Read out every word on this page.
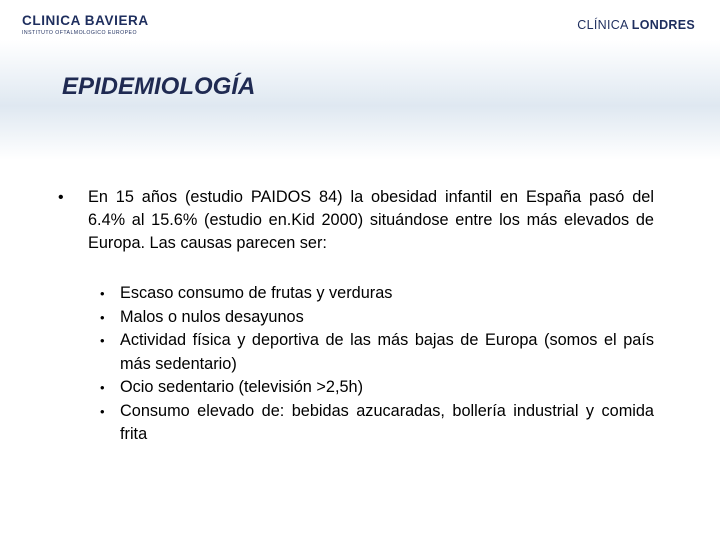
CLINICA BAVIERA
INSTITUTO OFTALMOLOGICO EUROPEO
CLÍNICA LONDRES
EPIDEMIOLOGÍA
• En 15 años (estudio PAIDOS 84) la obesidad infantil en España pasó del 6.4% al 15.6% (estudio en.Kid 2000) situándose entre los más elevados de Europa. Las causas parecen ser:
• Escaso consumo de frutas y verduras
• Malos o nulos desayunos
• Actividad física y deportiva de las más bajas de Europa (somos el país más sedentario)
• Ocio sedentario (televisión >2,5h)
• Consumo elevado de: bebidas azucaradas, bollería industrial y comida frita
